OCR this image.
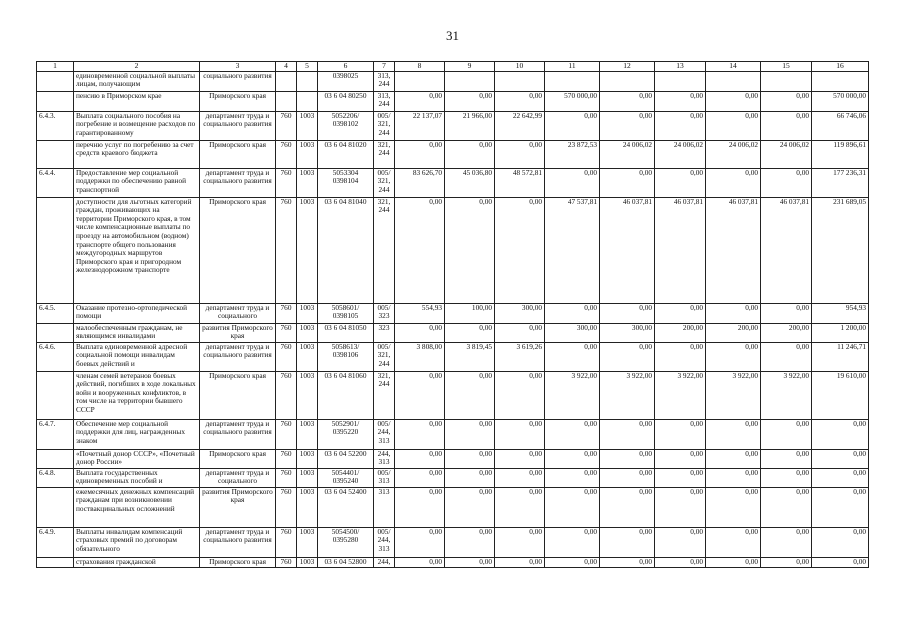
31
1	2	3	4	5	6	7	8	9	10	11	12	13	14	15	16
	единовременной социальной выплаты лицам, получающим	социального развития			0398025	313, 244									
	пенсию в Приморском крае	Приморского края			03 6 04 80250	313, 244	0,00	0,00	0,00	570 000,00	0,00	0,00	0,00	0,00	570 000,00
6.4.3.	Выплата социального пособия на погребение и возмещение расходов по гарантированному	департамент труда и социального развития	760	1003	5052206/ 0398102	005/ 321, 244	22 137,07	21 966,00	22 642,99	0,00	0,00	0,00	0,00	0,00	66 746,06
	перечню услуг по погребению за счет средств краевого бюджета	Приморского края	760	1003	03 6 04 81020	321, 244	0,00	0,00	0,00	23 872,53	24 006,02	24 006,02	24 006,02	24 006,02	119 896,61
6.4.4.	Предоставление мер социальной поддержки по обеспечению равной транспортной	департамент труда и социального развития	760	1003	5053304 0398104	005/ 321, 244	83 626,70	45 036,80	48 572,81	0,00	0,00	0,00	0,00	0,00	177 236,31
	доступности для льготных категорий граждан, проживающих на территории Приморского края, в том числе компенсационные выплаты по проезду на автомобильном (водном) транспорте общего пользования междугородных маршрутов Приморского края и пригородном железнодорожном транспорте	Приморского края	760	1003	03 6 04 81040	321, 244	0,00	0,00	0,00	47 537,81	46 037,81	46 037,81	46 037,81	46 037,81	231 689,05
6.4.5.	Оказание протезно-ортопедической помощи	департамент труда и социального	760	1003	5058601/ 0398105	005/ 323	554,93	100,00	300,00	0,00	0,00	0,00	0,00	0,00	954,93
	малообеспеченным гражданам, не являющимся инвалидами	развития Приморского края	760	1003	03 6 04 81050	323	0,00	0,00	0,00	300,00	300,00	200,00	200,00	200,00	1 200,00
6.4.6.	Выплата единовременной адресной социальной помощи инвалидам боевых действий и	департамент труда и социального развития	760	1003	5058613/ 0398106	005/ 321, 244	3 808,00	3 819,45	3 619,26	0,00	0,00	0,00	0,00	0,00	11 246,71
	членам семей ветеранов боевых действий, погибших в ходе локальных войн и вооруженных конфликтов, в том числе на территории бывшего СССР	Приморского края	760	1003	03 6 04 81060	321, 244	0,00	0,00	0,00	3 922,00	3 922,00	3 922,00	3 922,00	3 922,00	19 610,00
6.4.7.	Обеспечение мер социальной поддержки для лиц, награжденных знаком	департамент труда и социального развития	760	1003	5052901/ 0395220	005/ 244, 313	0,00	0,00	0,00	0,00	0,00	0,00	0,00	0,00	0,00
	«Почетный донор СССР», «Почетный донор России»	Приморского края	760	1003	03 6 04 52200	244, 313	0,00	0,00	0,00	0,00	0,00	0,00	0,00	0,00	0,00
6.4.8.	Выплата государственных единовременных пособий и	департамент труда и социального	760	1003	5054401/ 0395240	005/ 313	0,00	0,00	0,00	0,00	0,00	0,00	0,00	0,00	0,00
	ежемесячных денежных компенсаций гражданам при возникновении поствакцинальных осложнений	развития Приморского края	760	1003	03 6 04 52400	313	0,00	0,00	0,00	0,00	0,00	0,00	0,00	0,00	0,00
6.4.9.	Выплаты инвалидам компенсаций страховых премий по договорам обязательного	департамент труда и социального развития	760	1003	5054500/ 0395280	005/ 244, 313	0,00	0,00	0,00	0,00	0,00	0,00	0,00	0,00	0,00
	страхования гражданской	Приморского края	760	1003	03 6 04 52800	244,	0,00	0,00	0,00	0,00	0,00	0,00	0,00	0,00	0,00
